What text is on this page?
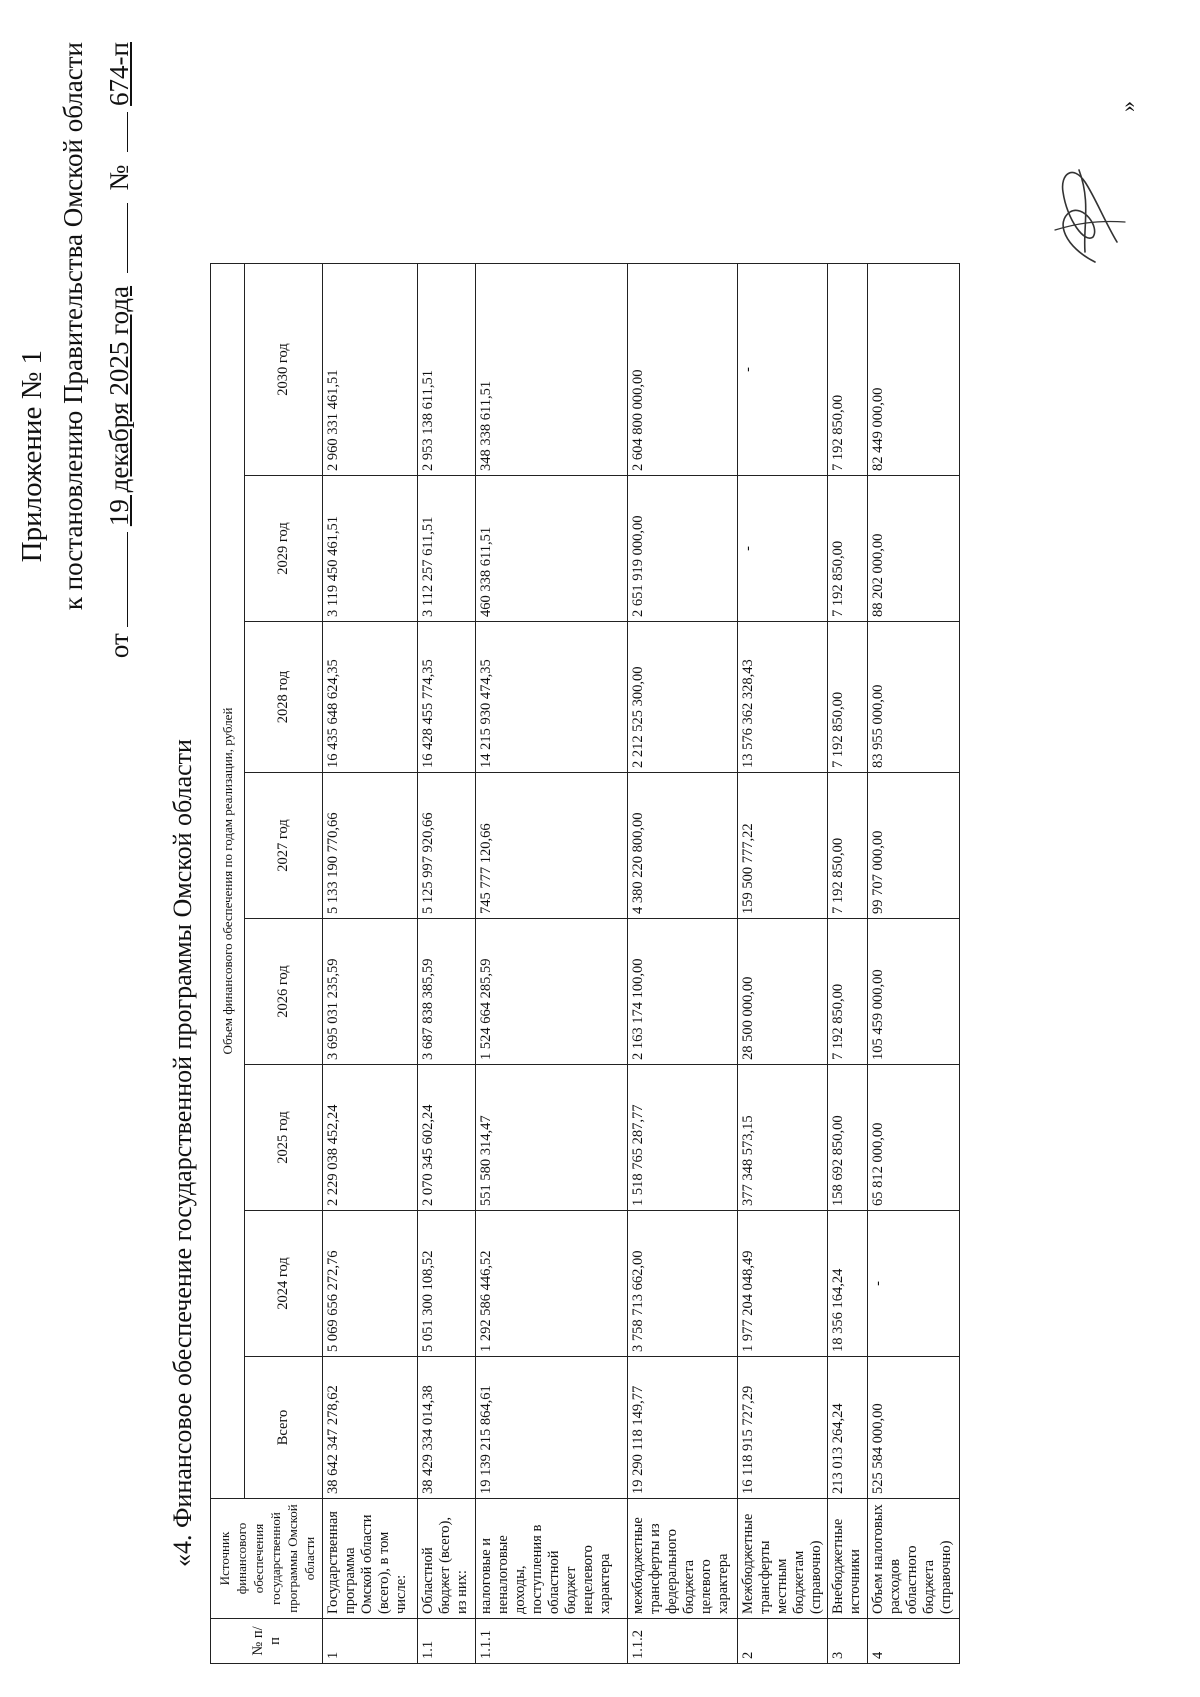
Приложение № 1 к постановлению Правительства Омской области
от19 декабря 2025 года  № 674-п
«4. Финансовое обеспечение государственной программы Омской области
№ п/п	Источник финансового обеспечения государственной программы Омской области	Объем финансового обеспечения по годам реализации, рублей							
		Всего	2024 год	2025 год	2026 год	2027 год	2028 год	2029 год	2030 год
1	Государственная программа Омской области (всего), в том числе:	38 642 347 278,62	5 069 656 272,76	2 229 038 452,24	3 695 031 235,59	5 133 190 770,66	16 435 648 624,35	3 119 450 461,51	2 960 331 461,51
1.1	Областной бюджет (всего), из них:	38 429 334 014,38	5 051 300 108,52	2 070 345 602,24	3 687 838 385,59	5 125 997 920,66	16 428 455 774,35	3 112 257 611,51	2 953 138 611,51
1.1.1	налоговые и неналоговые доходы, поступления в областной бюджет нецелевого характера	19 139 215 864,61	1 292 586 446,52	551 580 314,47	1 524 664 285,59	745 777 120,66	14 215 930 474,35	460 338 611,51	348 338 611,51
1.1.2	межбюджетные трансферты из федерального бюджета целевого характера	19 290 118 149,77	3 758 713 662,00	1 518 765 287,77	2 163 174 100,00	4 380 220 800,00	2 212 525 300,00	2 651 919 000,00	2 604 800 000,00
2	Межбюджетные трансферты местным бюджетам (справочно)	16 118 915 727,29	1 977 204 048,49	377 348 573,15	28 500 000,00	159 500 777,22	13 576 362 328,43	-	-
3	Внебюджетные источники	213 013 264,24	18 356 164,24	158 692 850,00	7 192 850,00	7 192 850,00	7 192 850,00	7 192 850,00	7 192 850,00
4	Объем налоговых расходов областного бюджета (справочно)	525 584 000,00	-	65 812 000,00	105 459 000,00	99 707 000,00	83 955 000,00	88 202 000,00	82 449 000,00
»
